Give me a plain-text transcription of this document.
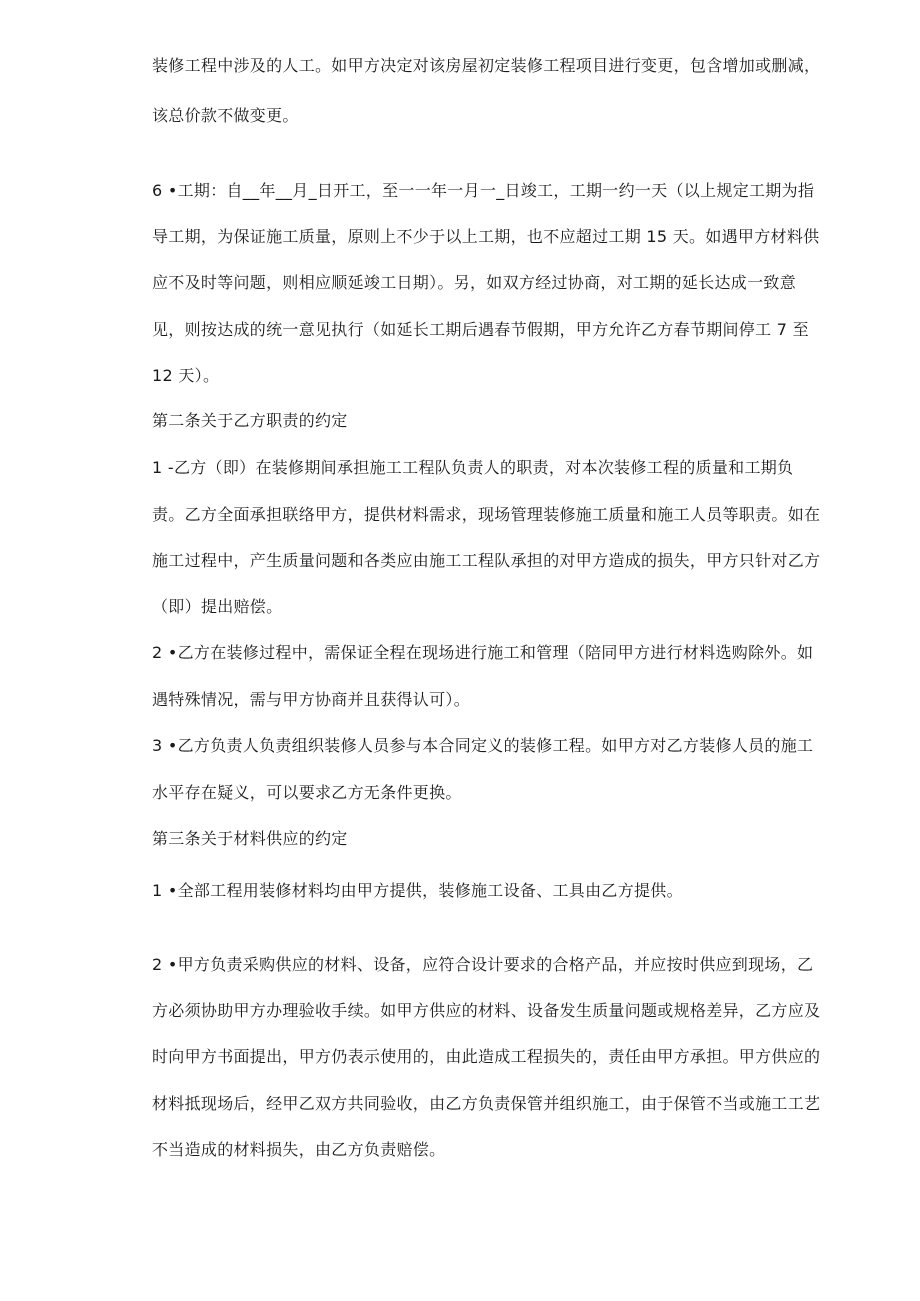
装修工程中涉及的人工。如甲方决定对该房屋初定装修工程项目进行变更，包含增加或删减，
该总价款不做变更。
6 •工期：自__年__月_日开工，至一一年一月一_日竣工，工期一约一天（以上规定工期为指
导工期，为保证施工质量，原则上不少于以上工期，也不应超过工期 15 天。如遇甲方材料供
应不及时等问题，则相应顺延竣工日期）。另，如双方经过协商，对工期的延长达成一致意
见，则按达成的统一意见执行（如延长工期后遇春节假期，甲方允许乙方春节期间停工 7 至
12 天）。
第二条关于乙方职责的约定
1 -乙方（即）在装修期间承担施工工程队负责人的职责，对本次装修工程的质量和工期负
责。乙方全面承担联络甲方，提供材料需求，现场管理装修施工质量和施工人员等职责。如在
施工过程中，产生质量问题和各类应由施工工程队承担的对甲方造成的损失，甲方只针对乙方
（即）提出赔偿。
2 •乙方在装修过程中，需保证全程在现场进行施工和管理（陪同甲方进行材料选购除外。如
遇特殊情况，需与甲方协商并且获得认可）。
3 •乙方负责人负责组织装修人员参与本合同定义的装修工程。如甲方对乙方装修人员的施工
水平存在疑义，可以要求乙方无条件更换。
第三条关于材料供应的约定
1 •全部工程用装修材料均由甲方提供，装修施工设备、工具由乙方提供。
2 •甲方负责采购供应的材料、设备，应符合设计要求的合格产品，并应按时供应到现场，乙
方必须协助甲方办理验收手续。如甲方供应的材料、设备发生质量问题或规格差异，乙方应及
时向甲方书面提出，甲方仍表示使用的，由此造成工程损失的，责任由甲方承担。甲方供应的
材料抵现场后，经甲乙双方共同验收，由乙方负责保管并组织施工，由于保管不当或施工工艺
不当造成的材料损失，由乙方负责赔偿。
